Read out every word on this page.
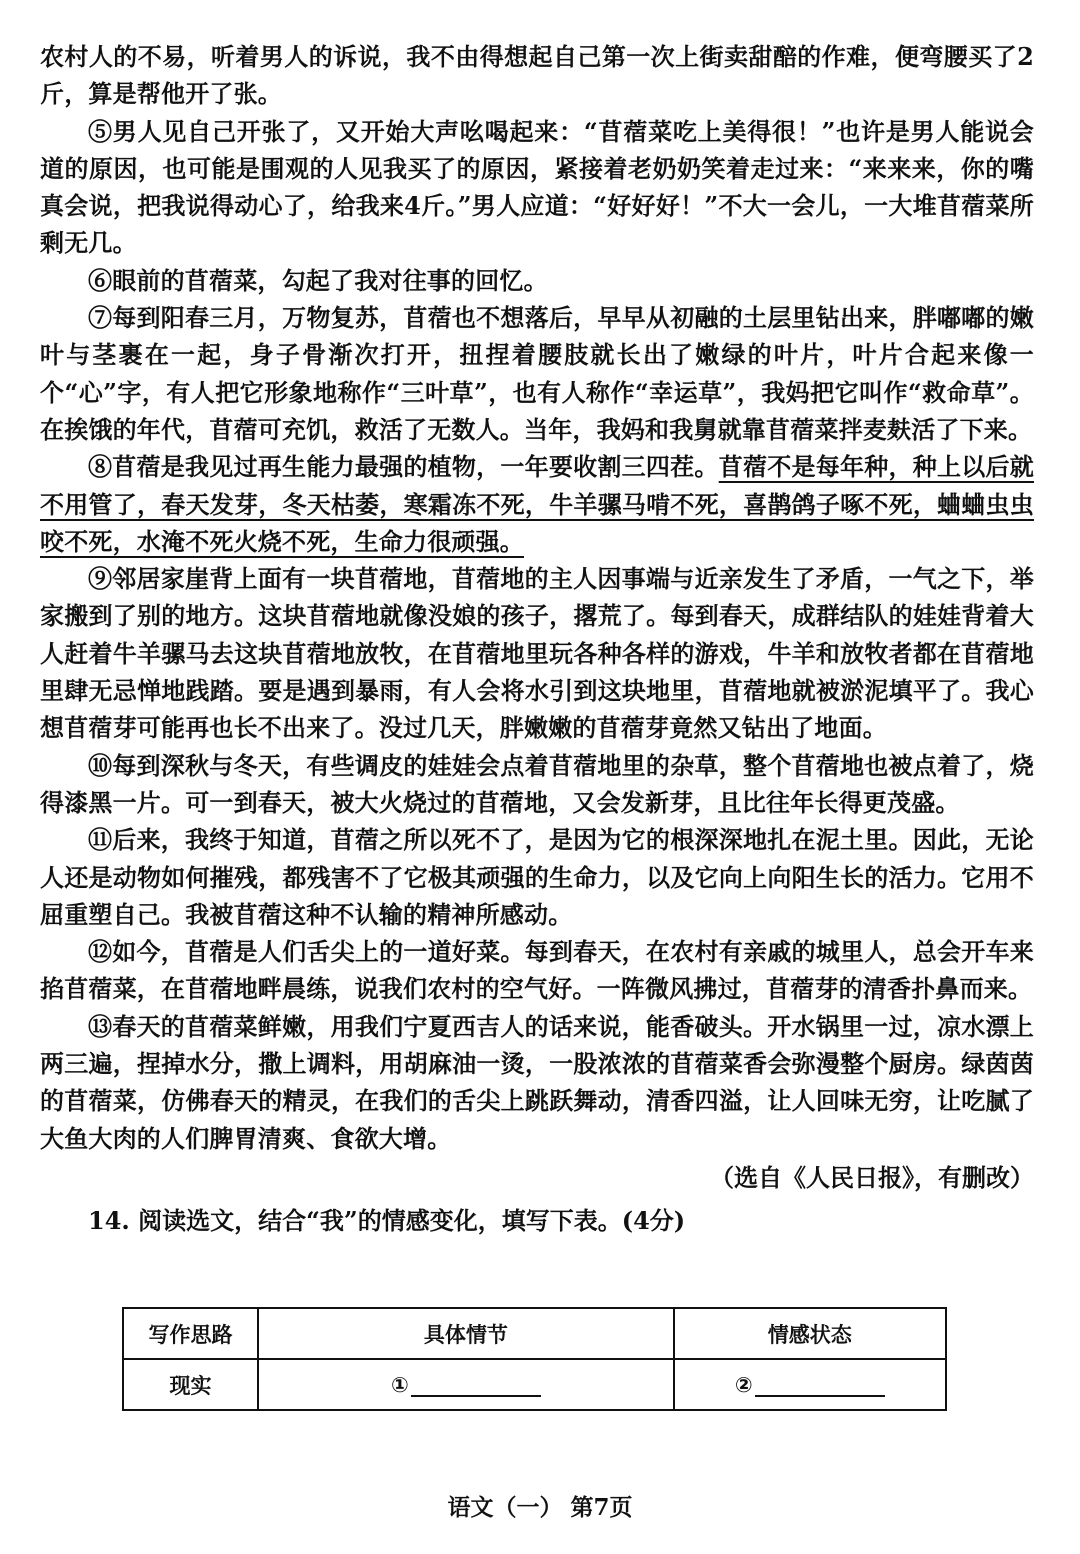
农村人的不易，听着男人的诉说，我不由得想起自己第一次上街卖甜醅的作难，便弯腰买了2斤，算是帮他开了张。

⑤男人见自己开张了，又开始大声吆喝起来：“苜蓿菜吃上美得很！”也许是男人能说会道的原因，也可能是围观的人见我买了的原因，紧接着老奶奶笑着走过来：“来来来，你的嘴真会说，把我说得动心了，给我来4斤。”男人应道：“好好好！”不大一会儿，一大堆苜蓿菜所剩无几。

⑥眼前的苜蓿菜，勾起了我对往事的回忆。

⑦每到阳春三月，万物复苏，苜蓿也不想落后，早早从初融的土层里钻出来，胖嘟嘟的嫩叶与茎裹在一起，身子骨渐次打开，扭捏着腰肢就长出了嫩绿的叶片，叶片合起来像一个“心”字，有人把它形象地称作“三叶草”，也有人称作“幸运草”，我妈把它叫作“救命草”。在挨饿的年代，苜蓿可充饥，救活了无数人。当年，我妈和我舅就靠苜蓿菜拌麦麸活了下来。

⑧苜蓿是我见过再生能力最强的植物，一年要收割三四茬。苜蓿不是每年种，种上以后就不用管了，春天发芽，冬天枯萎，寒霜冻不死，牛羊骡马啃不死，喜鹊鸽子啄不死，蛐蛐虫虫咬不死，水淹不死火烧不死，生命力很顽强。

⑨邻居家崖背上面有一块苜蓿地，苜蓿地的主人因事端与近亲发生了矛盾，一气之下，举家搬到了别的地方。这块苜蓿地就像没娘的孩子，撂荒了。每到春天，成群结队的娃娃背着大人赶着牛羊骡马去这块苜蓿地放牧，在苜蓿地里玩各种各样的游戏，牛羊和放牧者都在苜蓿地里肆无忌惮地践踏。要是遇到暴雨，有人会将水引到这块地里，苜蓿地就被淤泥填平了。我心想苜蓿芽可能再也长不出来了。没过几天，胖嫩嫩的苜蓿芽竟然又钻出了地面。

⑩每到深秋与冬天，有些调皮的娃娃会点着苜蓿地里的杂草，整个苜蓿地也被点着了，烧得漆黑一片。可一到春天，被大火烧过的苜蓿地，又会发新芽，且比往年长得更茂盛。

⑪后来，我终于知道，苜蓿之所以死不了，是因为它的根深深地扎在泥土里。因此，无论人还是动物如何摧残，都残害不了它极其顽强的生命力，以及它向上向阳生长的活力。它用不屈重塑自己。我被苜蓿这种不认输的精神所感动。

⑫如今，苜蓿是人们舌尖上的一道好菜。每到春天，在农村有亲戚的城里人，总会开车来掐苜蓿菜，在苜蓿地畔晨练，说我们农村的空气好。一阵微风拂过，苜蓿芽的清香扑鼻而来。

⑬春天的苜蓿菜鲜嫩，用我们宁夏西吉人的话来说，能香破头。开水锅里一过，凉水漂上两三遍，捏掉水分，撒上调料，用胡麻油一烫，一股浓浓的苜蓿菜香会弥漫整个厨房。绿茵茵的苜蓿菜，仿佛春天的精灵，在我们的舌尖上跳跃舞动，清香四溢，让人回味无穷，让吃腻了大鱼大肉的人们脾胃清爽、食欲大增。

（选自《人民日报》，有删改）
14. 阅读选文，结合“我”的情感变化，填写下表。(4分)
写作思路	具体情节	情感状态
现实	①	②
语文（一） 第7页
